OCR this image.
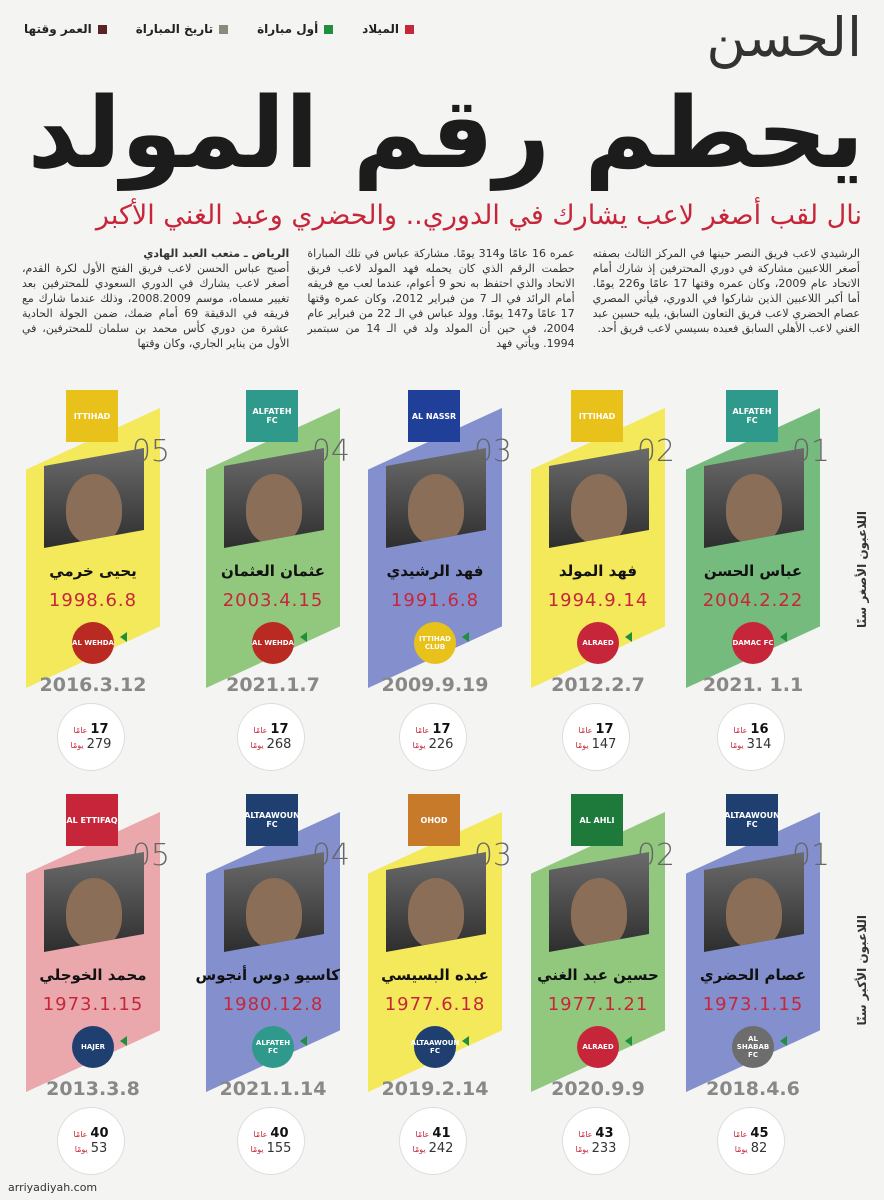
الميلاد
أول مباراة
تاريخ المباراة
العمر وقتها	الحسن
يحطم رقم المولد
نال لقب أصغر لاعب يشارك في الدوري.. والحضري وعبد الغني الأكبر
الرياض ـ متعب العبد الهادي
أصبح عباس الحسن لاعب فريق الفتح الأول لكرة القدم، أصغر لاعب يشارك في الدوري السعودي للمحترفين بعد تغيير مسماه، موسم 2008.2009، وذلك عندما شارك مع فريقه في الدقيقة 69 أمام ضمك، ضمن الجولة الحادية عشرة من دوري كأس محمد بن سلمان للمحترفين، في الأول من يناير الجاري، وكان وقتها
عمره 16 عامًا و314 يومًا. مشاركة عباس في تلك المباراة حطمت الرقم الذي كان يحمله فهد المولد لاعب فريق الاتحاد والذي احتفظ به نحو 9 أعوام، عندما لعب مع فريقه أمام الرائد في الـ 7 من فبراير 2012، وكان عمره وقتها 17 عامًا و147 يومًا. وولد عباس في الـ 22 من فبراير عام 2004، في حين أن المولد ولد في الـ 14 من سبتمبر 1994. ويأتي فهد
الرشيدي لاعب فريق النصر حينها في المركز الثالث بصفته أصغر اللاعبين مشاركة في دوري المحترفين إذ شارك أمام الاتحاد عام 2009، وكان عمره وقتها 17 عامًا و226 يومًا. أما أكبر اللاعبين الذين شاركوا في الدوري، فيأتي المصري عصام الحضري لاعب فريق التعاون السابق، يليه حسين عبد الغني لاعب الأهلي السابق فعبده بسيسي لاعب فريق أحد.
اللاعبون الأصغر سنًا
اللاعبون الأكبر سنًا
ALFATEH FC
01
عباس الحسن
2004.2.22
DAMAC FC
2021. 1.1
16
عامًا
314
يومًا
ITTIHAD
02
فهد المولد
1994.9.14
ALRAED
2012.2.7
17
عامًا
147
يومًا
AL NASSR
03
فهد الرشيدي
1991.6.8
ITTIHAD CLUB
2009.9.19
17
عامًا
226
يومًا
ALFATEH FC
04
عثمان العثمان
2003.4.15
AL WEHDA
2021.1.7
17
عامًا
268
يومًا
ITTIHAD
05
يحيى خرمي
1998.6.8
AL WEHDA
2016.3.12
17
عامًا
279
يومًا
ALTAAWOUN FC
01
عصام الحضري
1973.1.15
AL SHABAB FC
2018.4.6
45
عامًا
82
يومًا
AL AHLI
02
حسين عبد الغني
1977.1.21
ALRAED
2020.9.9
43
عامًا
233
يومًا
OHOD
03
عبده البسيسي
1977.6.18
ALTAAWOUN FC
2019.2.14
41
عامًا
242
يومًا
ALTAAWOUN FC
04
كاسيو دوس أنجوس
1980.12.8
ALFATEH FC
2021.1.14
40
عامًا
155
يومًا
AL ETTIFAQ
05
محمد الخوجلي
1973.1.15
HAJER
2013.3.8
40
عامًا
53
يومًا
arriyadiyah.com
